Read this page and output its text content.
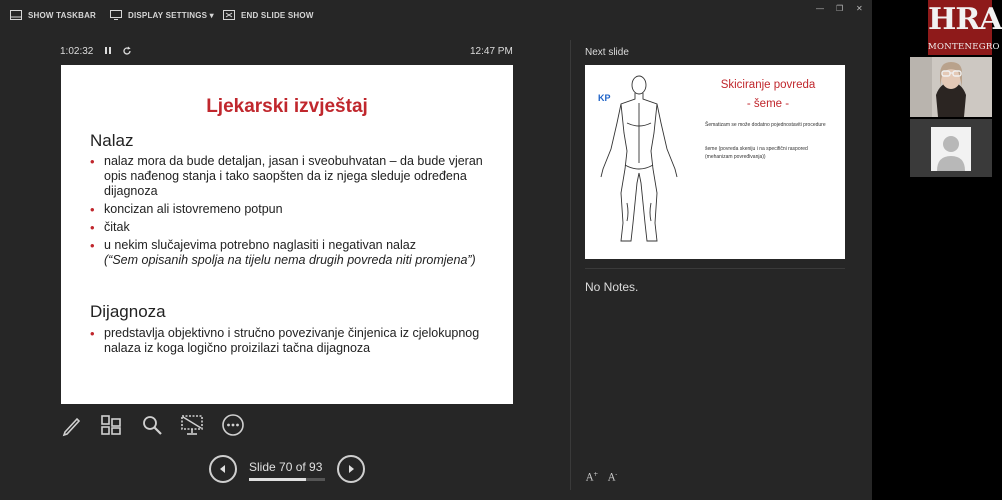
SHOW TASKBAR	DISPLAY SETTINGS ▾	END SLIDE SHOW
— ❐ ✕
1:02:32	12:47 PM
Ljekarski izvještaj
Nalaz
• nalaz mora da bude detaljan, jasan i sveobuhvatan – da bude vjeran opis nađenog stanja i tako saopšten da iz njega sleduje određena dijagnoza
• koncizan ali istovremeno potpun
• čitak
• u nekim slučajevima potrebno naglasiti i negativan nalaz
(“Sem opisanih spolja na tijelu nema drugih povreda niti promjena”)
Dijagnoza
• predstavlja objektivno i stručno povezivanje činjenica iz cjelokupnog nalaza iz koga logično proizilazi tačna dijagnoza
Slide 70 of 93
Next slide
KP
Skiciranje povreda
- šeme -
Šematizam se može dodatno pojednostaviti procedure
šeme (povreda skeniju i na specifični raspored (mehanizam povređivanja))
No Notes.
A+ A-
HRA
MONTENEGRO
